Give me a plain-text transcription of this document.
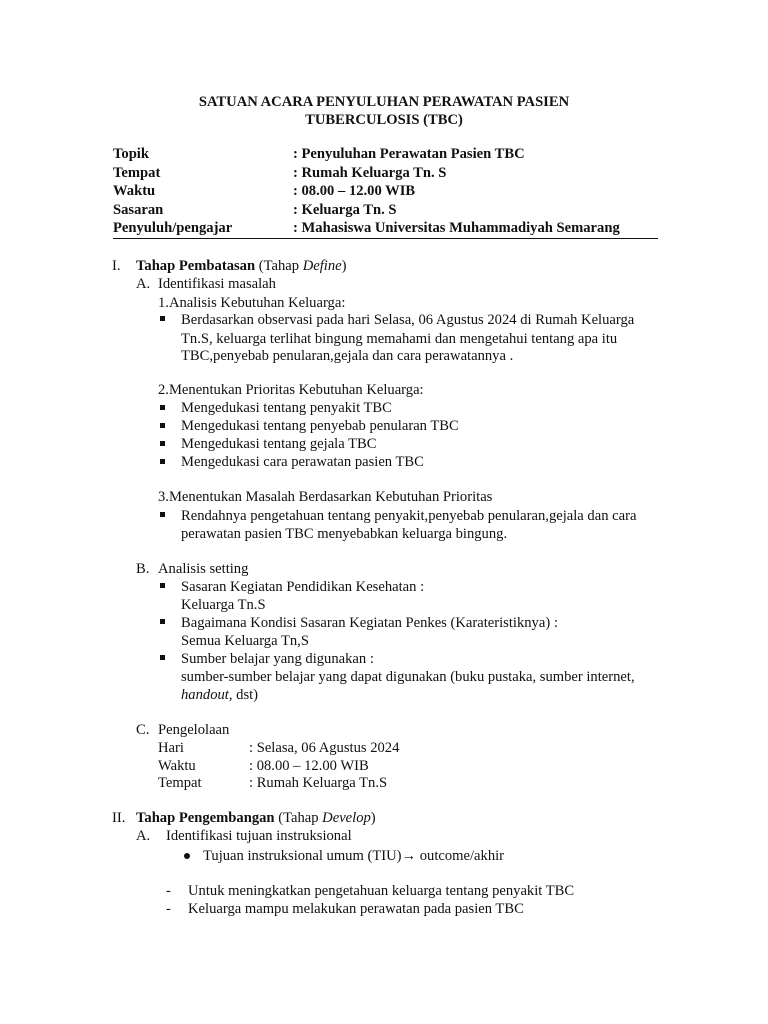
SATUAN ACARA PENYULUHAN PERAWATAN PASIEN
TUBERCULOSIS (TBC)
Topik	: Penyuluhan Perawatan Pasien TBC
Tempat	: Rumah Keluarga Tn. S
Waktu	: 08.00 – 12.00 WIB
Sasaran	: Keluarga Tn. S
Penyuluh/pengajar	: Mahasiswa Universitas Muhammadiyah Semarang
I. Tahap Pembatasan (Tahap Define)
A. Identifikasi masalah
1.Analisis Kebutuhan Keluarga:
Berdasarkan observasi pada hari Selasa, 06 Agustus 2024 di Rumah Keluarga
Tn.S, keluarga terlihat bingung memahami dan mengetahui tentang apa itu
TBC,penyebab penularan,gejala dan cara perawatannya .
2.Menentukan Prioritas Kebutuhan Keluarga:
Mengedukasi tentang penyakit TBC
Mengedukasi tentang penyebab penularan TBC
Mengedukasi tentang gejala TBC
Mengedukasi cara perawatan pasien TBC
3.Menentukan Masalah Berdasarkan Kebutuhan Prioritas
Rendahnya pengetahuan tentang penyakit,penyebab penularan,gejala dan cara
perawatan pasien TBC menyebabkan keluarga bingung.
B. Analisis setting
Sasaran Kegiatan Pendidikan Kesehatan :
Keluarga Tn.S
Bagaimana Kondisi Sasaran Kegiatan Penkes (Karateristiknya) :
Semua Keluarga Tn,S
Sumber belajar yang digunakan :
sumber-sumber belajar yang dapat digunakan (buku pustaka, sumber internet,
handout, dst)
C. Pengelolaan
Hari	: Selasa, 06 Agustus 2024
Waktu	: 08.00 – 12.00 WIB
Tempat	: Rumah Keluarga Tn.S
II. Tahap Pengembangan (Tahap Develop)
A. Identifikasi tujuan instruksional
Tujuan instruksional umum (TIU)→ outcome/akhir
- Untuk meningkatkan pengetahuan keluarga tentang penyakit TBC
- Keluarga mampu melakukan perawatan pada pasien TBC
